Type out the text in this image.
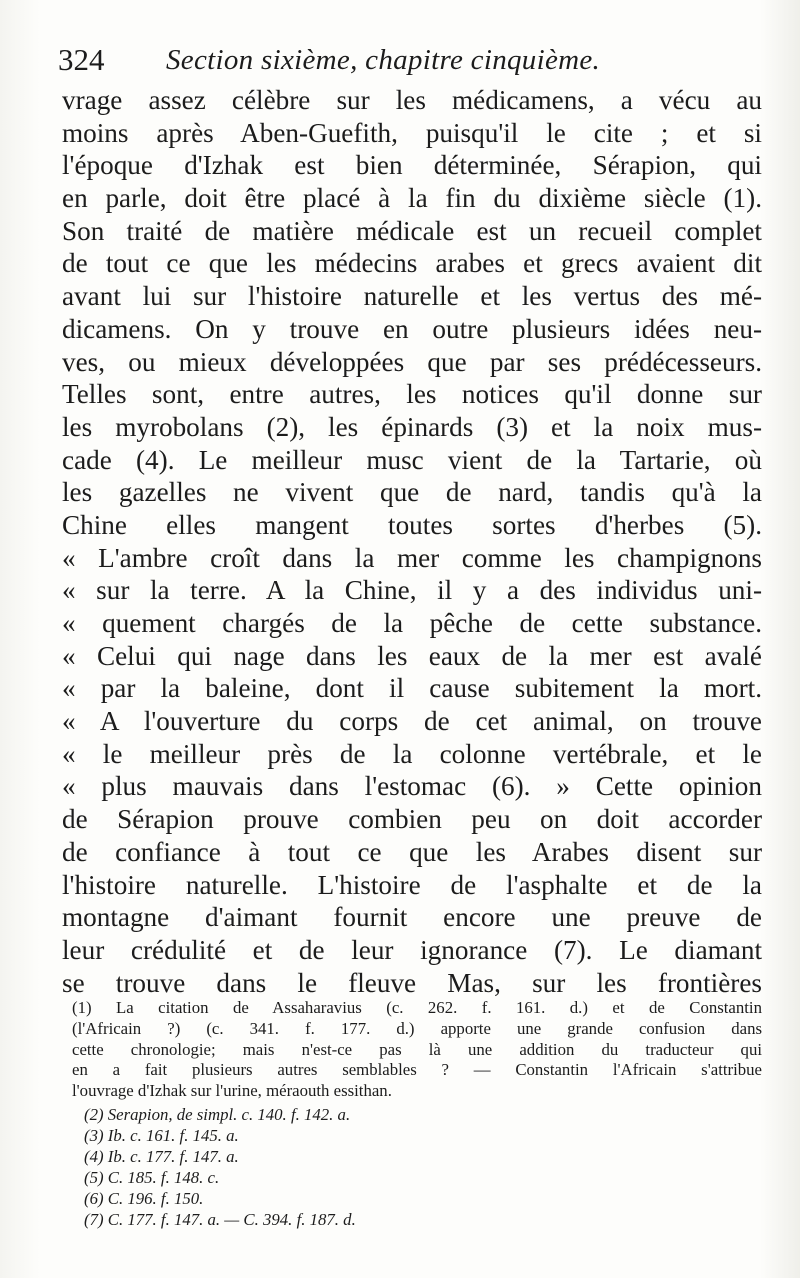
324 Section sixième, chapitre cinquième.
vrage assez célèbre sur les médicamens, a vécu au
moins après Aben-Guefith, puisqu'il le cite ; et si
l'époque d'Izhak est bien déterminée, Sérapion, qui
en parle, doit être placé à la fin du dixième siècle (1).
Son traité de matière médicale est un recueil complet
de tout ce que les médecins arabes et grecs avaient dit
avant lui sur l'histoire naturelle et les vertus des mé-
dicamens. On y trouve en outre plusieurs idées neu-
ves, ou mieux développées que par ses prédécesseurs.
Telles sont, entre autres, les notices qu'il donne sur
les myrobolans (2), les épinards (3) et la noix mus-
cade (4). Le meilleur musc vient de la Tartarie, où
les gazelles ne vivent que de nard, tandis qu'à la
Chine elles mangent toutes sortes d'herbes (5).
« L'ambre croît dans la mer comme les champignons
« sur la terre. A la Chine, il y a des individus uni-
« quement chargés de la pêche de cette substance.
« Celui qui nage dans les eaux de la mer est avalé
« par la baleine, dont il cause subitement la mort.
« A l'ouverture du corps de cet animal, on trouve
« le meilleur près de la colonne vertébrale, et le
« plus mauvais dans l'estomac (6). » Cette opinion
de Sérapion prouve combien peu on doit accorder
de confiance à tout ce que les Arabes disent sur
l'histoire naturelle. L'histoire de l'asphalte et de la
montagne d'aimant fournit encore une preuve de
leur crédulité et de leur ignorance (7). Le diamant
se trouve dans le fleuve Mas, sur les frontières
(1) La citation de Assaharavius (c. 262. f. 161. d.) et de Constantin
(l'Africain ?) (c. 341. f. 177. d.) apporte une grande confusion dans
cette chronologie; mais n'est-ce pas là une addition du traducteur qui
en a fait plusieurs autres semblables ? — Constantin l'Africain s'attribue
l'ouvrage d'Izhak sur l'urine, méraouth essithan.
(2) Serapion, de simpl. c. 140. f. 142. a.
(3) Ib. c. 161. f. 145. a.
(4) Ib. c. 177. f. 147. a.
(5) C. 185. f. 148. c.
(6) C. 196. f. 150.
(7) C. 177. f. 147. a. — C. 394. f. 187. d.
